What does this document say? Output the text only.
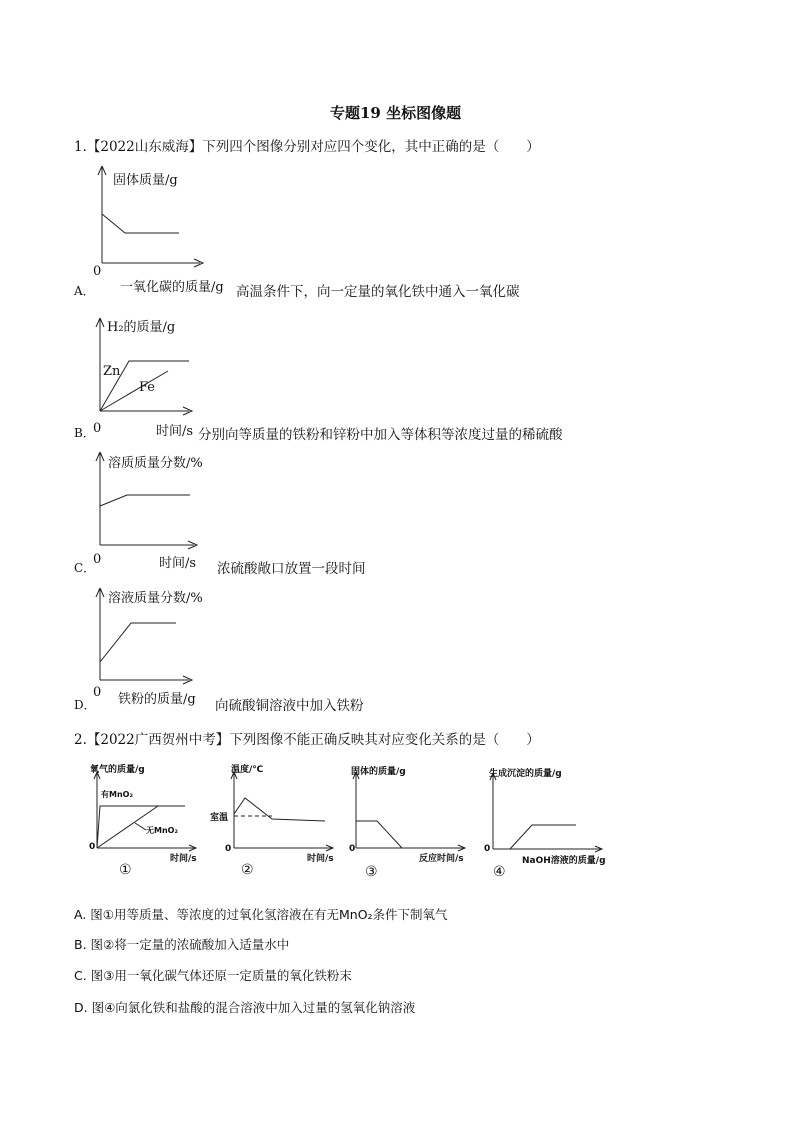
专题19 坐标图像题
1.【2022山东威海】下列四个图像分别对应四个变化，其中正确的是（　　）
固体质量/g
0
A． 一氧化碳的质量/g 高温条件下，向一定量的氧化铁中通入一氧化碳
H₂的质量/g
Zn
Fe
B．
0	时间/s 分别向等质量的铁粉和锌粉中加入等体积等浓度过量的稀硫酸
溶质质量分数/%
C．
0	时间/s 浓硫酸敞口放置一段时间
溶液质量分数/%
0
D． 铁粉的质量/g 向硫酸铜溶液中加入铁粉
2.【2022广西贺州中考】下列图像不能正确反映其对应变化关系的是（　　）
氧气的质量/g
有MnO₂
无MnO₂
0
时间/s
①
温度/℃
室温
0
时间/s
②
固体的质量/g
0
反应时间/s
③
生成沉淀的质量/g
0
NaOH溶液的质量/g
④
A. 图①用等质量、等浓度的过氧化氢溶液在有无MnO₂条件下制氧气
B. 图②将一定量的浓硫酸加入适量水中
C. 图③用一氧化碳气体还原一定质量的氧化铁粉末
D. 图④向氯化铁和盐酸的混合溶液中加入过量的氢氧化钠溶液
